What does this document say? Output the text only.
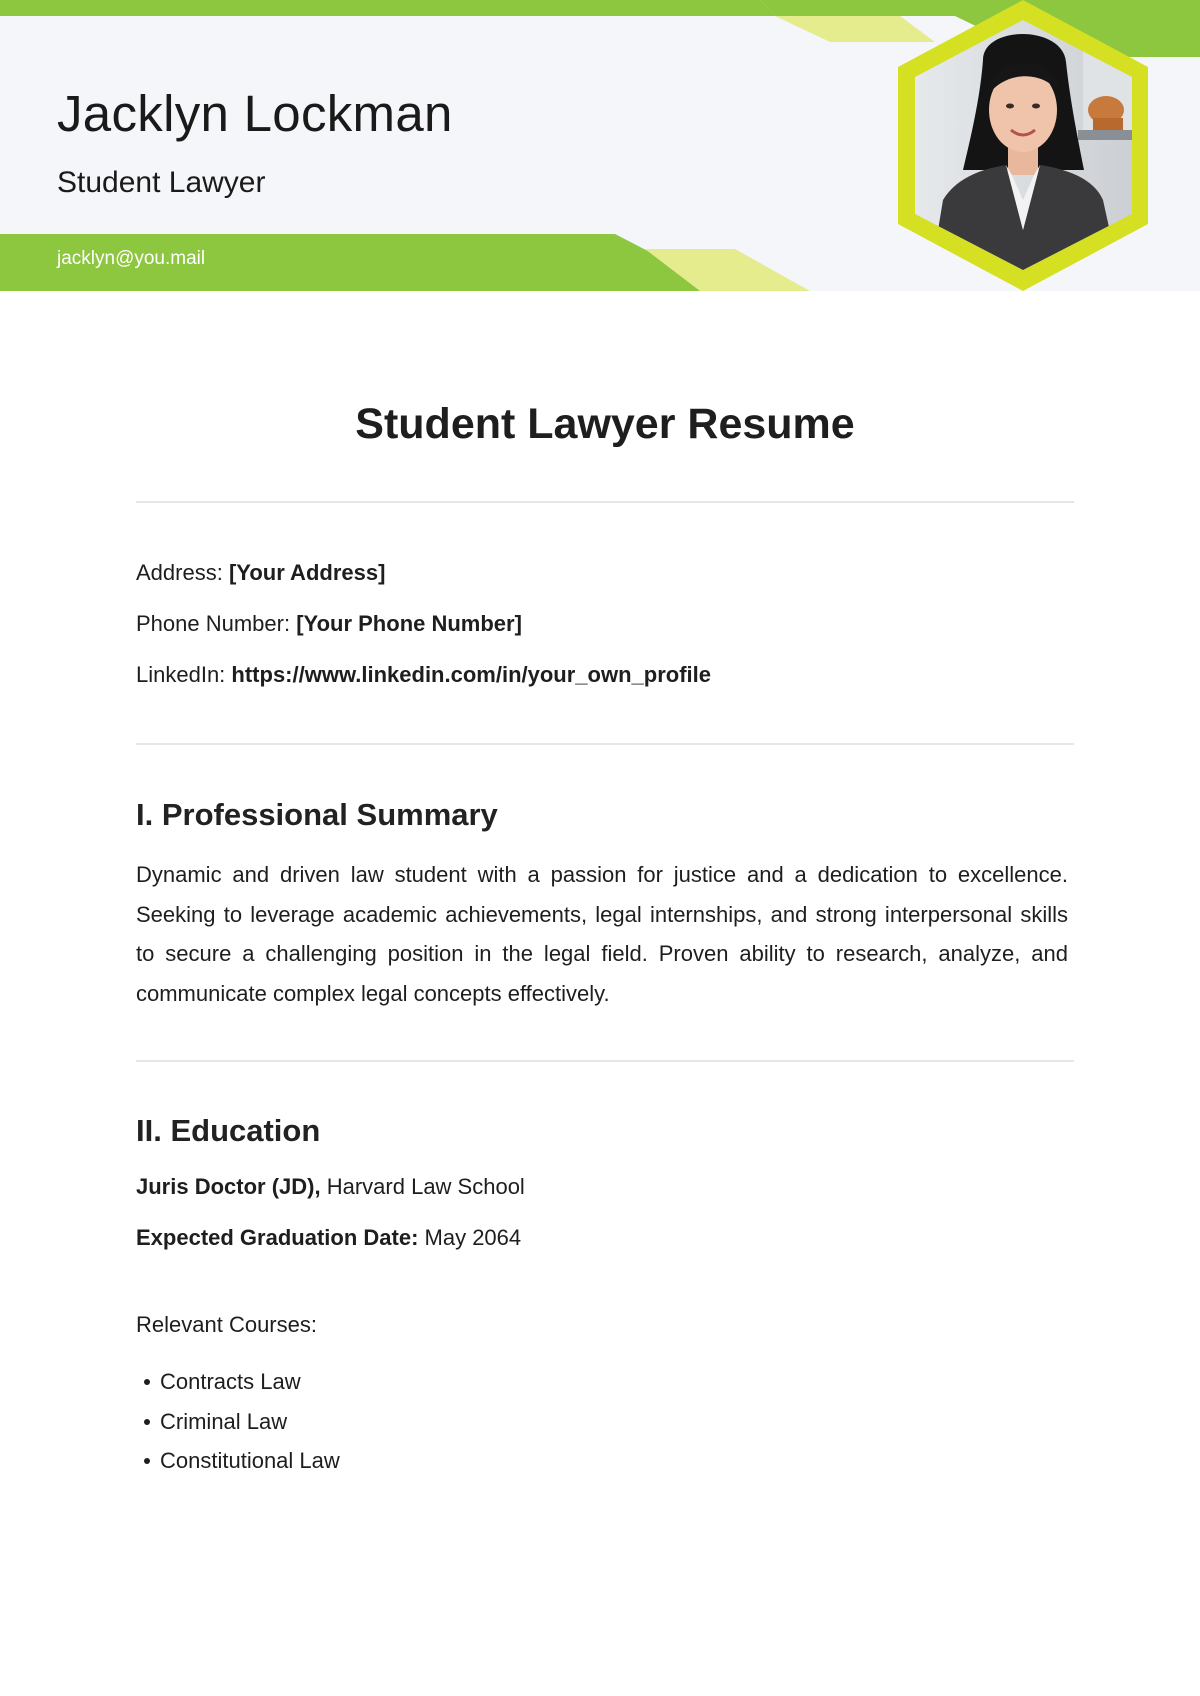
Jacklyn Lockman

Student Lawyer

jacklyn@you.mail
Student Lawyer Resume
Address: [Your Address]
Phone Number: [Your Phone Number]
LinkedIn: https://www.linkedin.com/in/your_own_profile
I. Professional Summary

Dynamic and driven law student with a passion for justice and a dedication to excellence. Seeking to leverage academic achievements, legal internships, and strong interpersonal skills to secure a challenging position in the legal field. Proven ability to research, analyze, and communicate complex legal concepts effectively.

II. Education
Juris Doctor (JD), Harvard Law School
Expected Graduation Date: May 2064
Relevant Courses:
Contracts Law
Criminal Law
Constitutional Law
